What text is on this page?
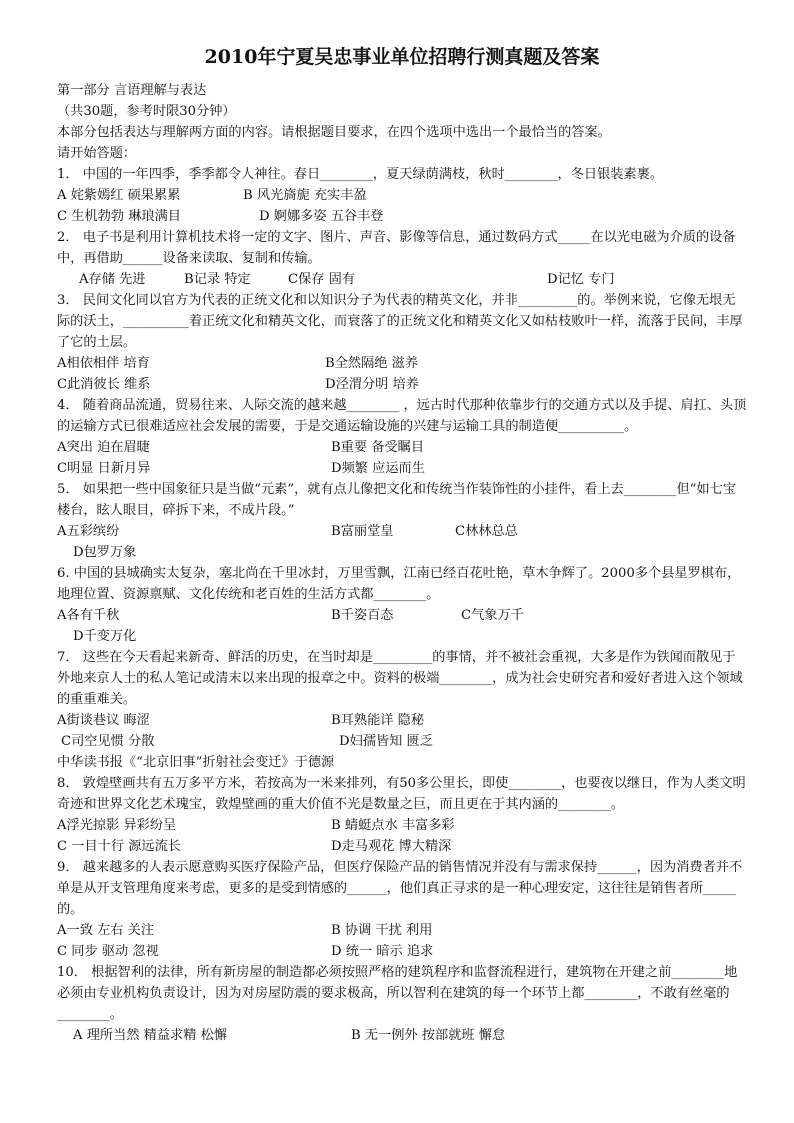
2010年宁夏吴忠事业单位招聘行测真题及答案
第一部分 言语理解与表达
（共30题，参考时限30分钟）
本部分包括表达与理解两方面的内容。请根据题目要求，在四个选项中选出一个最恰当的答案。
请开始答题：
1． 中国的一年四季，季季都令人神往。春日________，夏天绿荫满枝，秋时________，冬日银装素裹。
A 姹紫嫣红 硕果累累	B 风光旖旎 充实丰盈
C 生机勃勃 琳琅满目	D 婀娜多姿 五谷丰登
2． 电子书是利用计算机技术将一定的文字、图片、声音、影像等信息，通过数码方式_____在以光电磁为介质的设备中，再借助______设备来读取、复制和传输。
A存储 先进	B记录 特定	C保存 固有	D记忆 专门
3． 民间文化同以官方为代表的正统文化和以知识分子为代表的精英文化，并非_________的。举例来说，它像无垠无际的沃土，__________着正统文化和精英文化，而衰落了的正统文化和精英文化又如枯枝败叶一样，流落于民间，丰厚了它的土层。
A相依相伴 培育	B全然隔绝 滋养
C此消彼长 维系	D泾渭分明 培养
4． 随着商品流通，贸易往来、人际交流的越来越________ ，远古时代那种依靠步行的交通方式以及手提、肩扛、头顶的运输方式已很难适应社会发展的需要，于是交通运输设施的兴建与运输工具的制造便__________。
A突出 迫在眉睫	B重要 备受瞩目
C明显 日新月异	D频繁 应运而生
5． 如果把一些中国象征只是当做“元素”，就有点儿像把文化和传统当作装饰性的小挂件，看上去________但“如七宝楼台，眩人眼目，碎拆下来，不成片段。”
A五彩缤纷	B富丽堂皇	C林林总总
D包罗万象
6. 中国的县城确实太复杂，塞北尚在千里冰封，万里雪飘，江南已经百花吐艳，草木争辉了。2000多个县星罗棋布，地理位置、资源禀赋、文化传统和老百姓的生活方式都________。
A各有千秋	B千姿百态	C气象万千
D千变万化
7． 这些在今天看起来新奇、鲜活的历史，在当时却是_________的事情，并不被社会重视，大多是作为铁闻而散见于外地来京人士的私人笔记或清末以来出现的报章之中。资料的极端________，成为社会史研究者和爱好者进入这个领域的重重难关。
A街谈巷议 晦涩	B耳熟能详 隐秘
C司空见惯 分散	D妇孺皆知 匮乏
中华读书报《“北京旧事”折射社会变迁》于德源
8． 敦煌壁画共有五万多平方米，若按高为一米来排列，有50多公里长，即使________，也要夜以继日，作为人类文明奇迹和世界文化艺术瑰宝，敦煌壁画的重大价值不光是数量之巨，而且更在于其内涵的________。
A浮光掠影 异彩纷呈	B 蜻蜓点水 丰富多彩
C 一目十行 源远流长	D走马观花 博大精深
9． 越来越多的人表示愿意购买医疗保险产品，但医疗保险产品的销售情况并没有与需求保持______，因为消费者并不单是从开支管理角度来考虑，更多的是受到情感的______，他们真正寻求的是一种心理安定，这往往是销售者所_____的。
A一致 左右 关注	B 协调 干扰 利用
C 同步 驱动 忽视	D 统一 暗示 追求
10． 根据智利的法律，所有新房屋的制造都必须按照严格的建筑程序和监督流程进行，建筑物在开建之前________地必须由专业机构负责设计，因为对房屋防震的要求极高，所以智利在建筑的每一个环节上都________，不敢有丝毫的________。
A 理所当然 精益求精 松懈	B 无一例外 按部就班 懈怠
